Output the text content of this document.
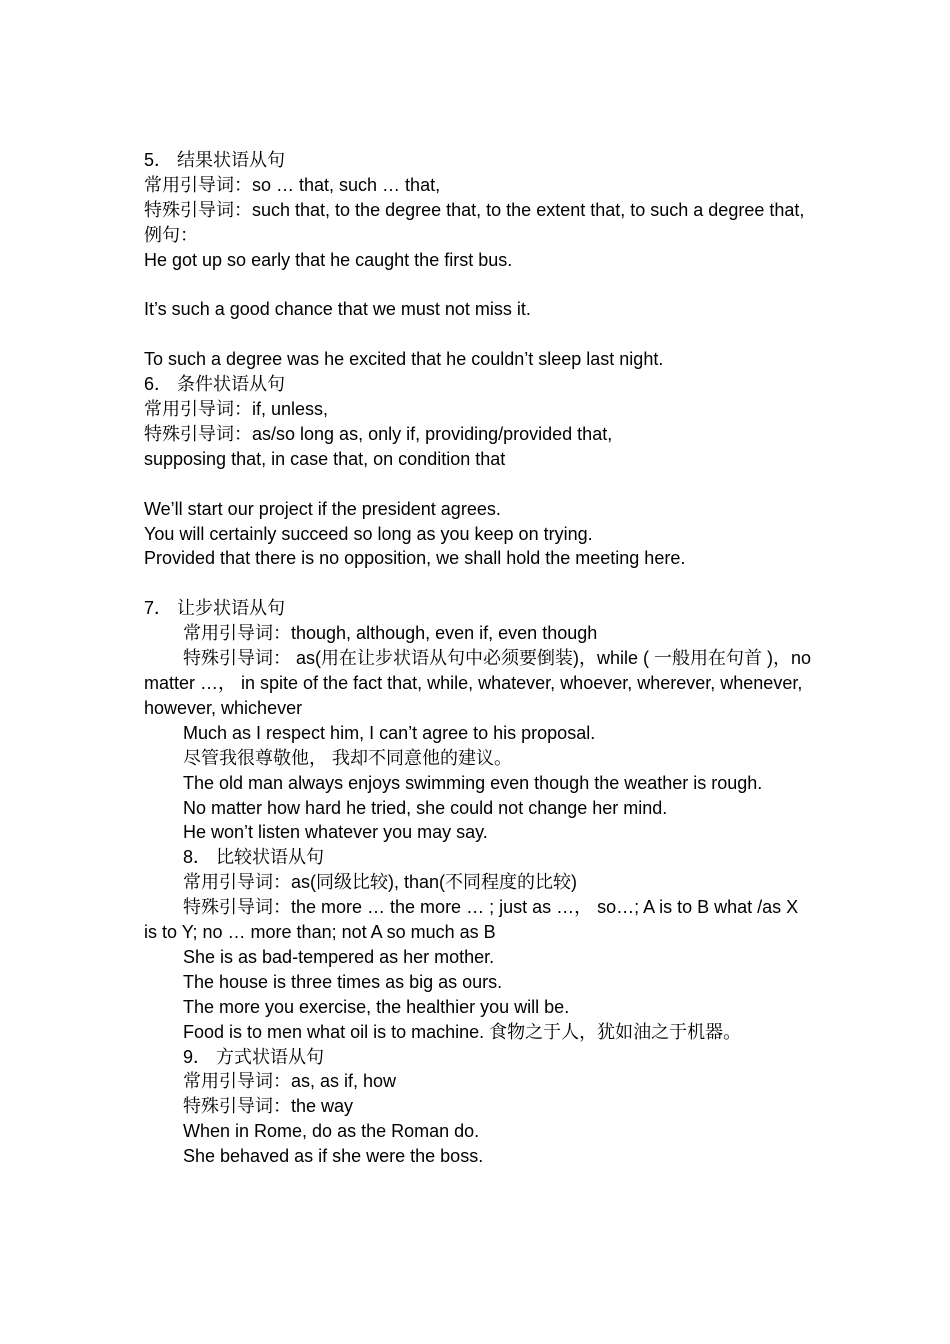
5． 结果状语从句

常用引导词：so … that, such … that,

特殊引导词：such that, to the degree that, to the extent that, to such a degree that,

例句：

He got up so early that he caught the first bus.

It’s such a good chance that we must not miss it.

To such a degree was he excited that he couldn’t sleep last night.

6． 条件状语从句

常用引导词：if, unless,

特殊引导词：as/so long as, only if, providing/provided that,

supposing that, in case that, on condition that

We’ll start our project if the president agrees.

You will certainly succeed so long as you keep on trying.

Provided that there is no opposition, we shall hold the meeting here.

7． 让步状语从句

常用引导词：though, although, even if, even though

特殊引导词： as(用在让步状语从句中必须要倒装)，while ( 一般用在句首 )，no matter …， in spite of the fact that, while, whatever, whoever, wherever, whenever, however, whichever

Much as I respect him, I can’t agree to his proposal.

尽管我很尊敬他， 我却不同意他的建议。

The old man always enjoys swimming even though the weather is rough.

No matter how hard he tried, she could not change her mind.

He won’t listen whatever you may say.

8． 比较状语从句

常用引导词：as(同级比较), than(不同程度的比较)

特殊引导词：the more … the more … ; just as …， so…; A is to B what /as X is to Y; no … more than; not A so much as B

She is as bad-tempered as her mother.

The house is three times as big as ours.

The more you exercise, the healthier you will be.

Food is to men what oil is to machine. 食物之于人，犹如油之于机器。

9． 方式状语从句

常用引导词：as, as if, how

特殊引导词：the way

When in Rome, do as the Roman do.

She behaved as if she were the boss.
